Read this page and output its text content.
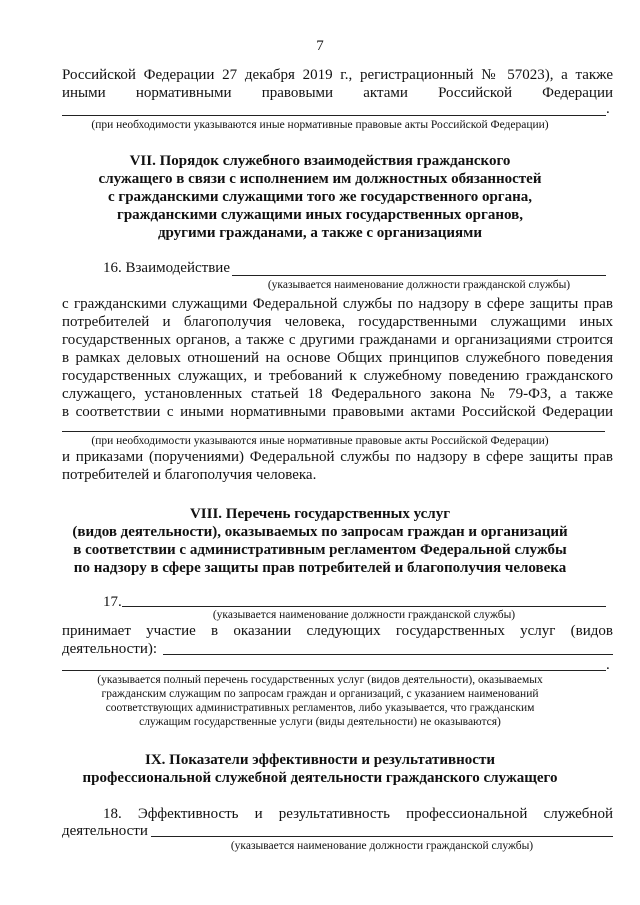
7
Российской Федерации 27 декабря 2019 г., регистрационный № 57023), а также
иными нормативными правовыми актами Российской Федерации
.
(при необходимости указываются иные нормативные правовые акты Российской Федерации)
VII. Порядок служебного взаимодействия гражданского
служащего в связи с исполнением им должностных обязанностей
с гражданскими служащими того же государственного органа,
гражданскими служащими иных государственных органов,
другими гражданами, а также с организациями
16. Взаимодействие
(указывается наименование должности гражданской службы)
с гражданскими служащими Федеральной службы по надзору в сфере защиты прав
потребителей и благополучия человека, государственными служащими иных
государственных органов, а также с другими гражданами и организациями строится
в рамках деловых отношений на основе Общих принципов служебного поведения
государственных служащих, и требований к служебному поведению гражданского
служащего, установленных статьей 18 Федерального закона № 79-ФЗ, а также
в соответствии с иными нормативными правовыми актами Российской Федерации
(при необходимости указываются иные нормативные правовые акты Российской Федерации)
и приказами (поручениями) Федеральной службы по надзору в сфере защиты прав
потребителей и благополучия человека.
VIII. Перечень государственных услуг
(видов деятельности), оказываемых по запросам граждан и организаций
в соответствии с административным регламентом Федеральной службы
по надзору в сфере защиты прав потребителей и благополучия человека
17.
(указывается наименование должности гражданской службы)
принимает участие в оказании следующих государственных услуг (видов
деятельности):
.
(указывается полный перечень государственных услуг (видов деятельности), оказываемых
гражданским служащим по запросам граждан и организаций, с указанием наименований
соответствующих административных регламентов, либо указывается, что гражданским
служащим государственные услуги (виды деятельности) не оказываются)
IX. Показатели эффективности и результативности
профессиональной служебной деятельности гражданского служащего
18. Эффективность и результативность профессиональной служебной
деятельности
(указывается наименование должности гражданской службы)
